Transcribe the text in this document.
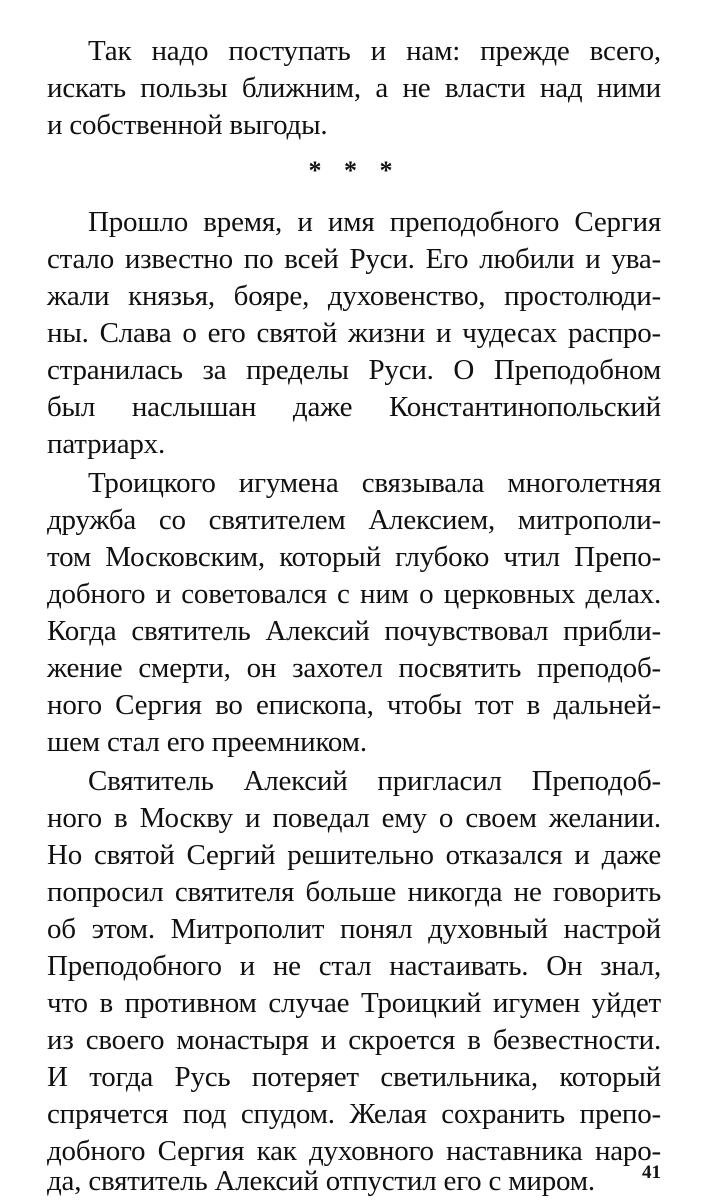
Так надо поступать и нам: прежде всего,
искать пользы ближним, а не власти над ними
и собственной выгоды.
* * *
Прошло время, и имя преподобного Сергия
стало известно по всей Руси. Его любили и ува-
жали князья, бояре, духовенство, простолюди-
ны. Слава о его святой жизни и чудесах распро-
странилась за пределы Руси. О Преподобном
был наслышан даже Константинопольский
патриарх.
Троицкого игумена связывала многолетняя
дружба со святителем Алексием, митрополи-
том Московским, который глубоко чтил Препо-
добного и советовался с ним о церковных делах.
Когда святитель Алексий почувствовал прибли-
жение смерти, он захотел посвятить преподоб-
ного Сергия во епископа, чтобы тот в дальней-
шем стал его преемником.
Святитель Алексий пригласил Преподоб-
ного в Москву и поведал ему о своем желании.
Но святой Сергий решительно отказался и даже
попросил святителя больше никогда не говорить
об этом. Митрополит понял духовный настрой
Преподобного и не стал настаивать. Он знал,
что в противном случае Троицкий игумен уйдет
из своего монастыря и скроется в безвестности.
И тогда Русь потеряет светильника, который
спрячется под спудом. Желая сохранить препо-
добного Сергия как духовного наставника наро-
да, святитель Алексий отпустил его с миром.	41
